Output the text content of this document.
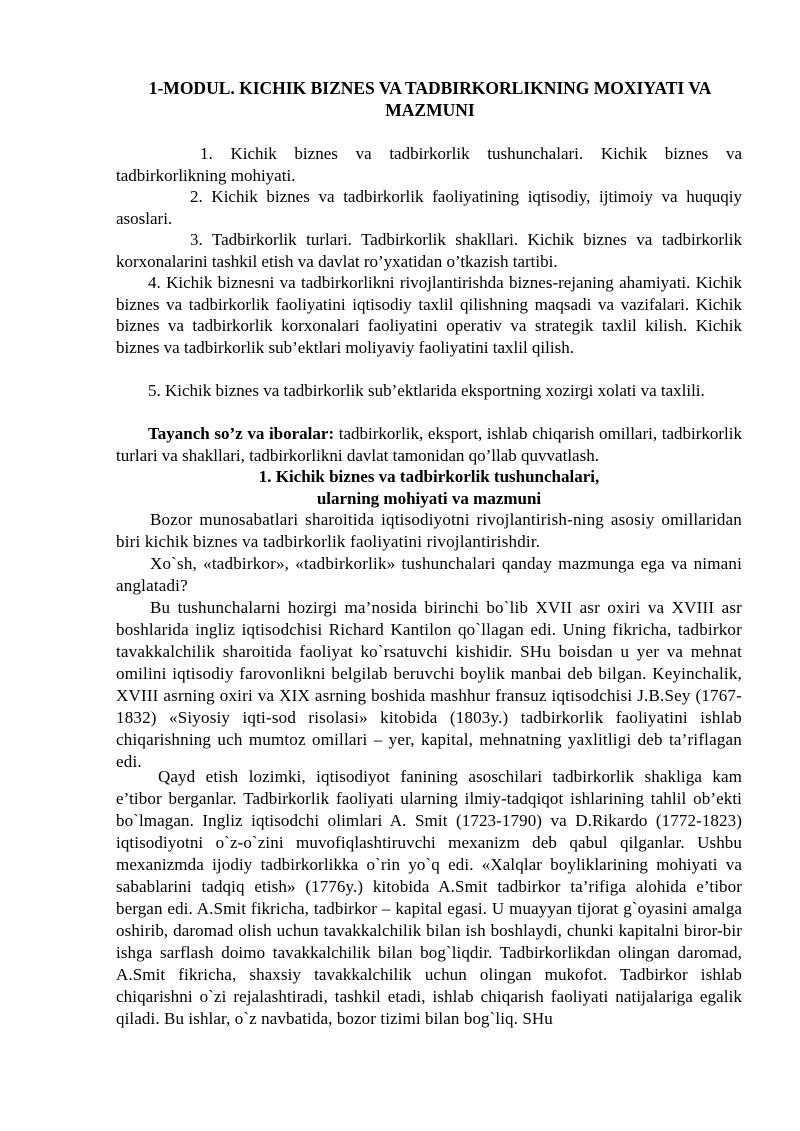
1-MODUL. KICHIK BIZNES VA TADBIRKORLIKNING MOXIYATI VA MAZMUNI

1. Kichik biznes va tadbirkorlik tushunchalari. Kichik biznes va tadbirkorlikning mohiyati.

2. Kichik biznes va tadbirkorlik faoliyatining iqtisodiy, ijtimoiy va huquqiy asoslari.

3. Tadbirkorlik turlari. Tadbirkorlik shakllari. Kichik biznes va tadbirkorlik korxonalarini tashkil etish va davlat ro’yxatidan o’tkazish tartibi.

4. Kichik biznesni va tadbirkorlikni rivojlantirishda biznes-rejaning ahamiyati. Kichik biznes va tadbirkorlik faoliyatini iqtisodiy taxlil qilishning maqsadi va vazifalari. Kichik biznes va tadbirkorlik korxonalari faoliyatini operativ va strategik taxlil kilish. Kichik biznes va tadbirkorlik sub’ektlari moliyaviy faoliyatini taxlil qilish.

5. Kichik biznes va tadbirkorlik sub’ektlarida eksportning xozirgi xolati va taxlili.

Tayanch so’z va iboralar: tadbirkorlik, eksport, ishlab chiqarish omillari, tadbirkorlik turlari va shakllari, tadbirkorlikni davlat tamonidan qo’llab quvvatlash.

1. Kichik biznes va tadbirkorlik tushunchalari,
ularning mohiyati va mazmuni

Bozor munosabatlari sharoitida iqtisodiyotni rivojlantirish-ning asosiy omillaridan biri kichik biznes va tadbirkorlik faoliyatini rivojlantirishdir.

Xo`sh, «tadbirkor», «tadbirkorlik» tushunchalari qanday mazmunga ega va nimani anglatadi?

Bu tushunchalarni hozirgi ma’nosida birinchi bo`lib XVII asr oxiri va XVIII asr boshlarida ingliz iqtisodchisi Richard Kantilon qo`llagan edi. Uning fikricha, tadbirkor tavakkalchilik sharoitida faoliyat ko`rsatuvchi kishidir. SHu boisdan u yer va mehnat omilini iqtisodiy farovonlikni belgilab beruvchi boylik manbai deb bilgan. Keyinchalik, XVIII asrning oxiri va XIX asrning boshida mashhur fransuz iqtisodchisi J.B.Sey (1767-1832) «Siyosiy iqti-sod risolasi» kitobida (1803y.) tadbirkorlik faoliyatini ishlab chiqarishning uch mumtoz omillari – yer, kapital, mehnatning yaxlitligi deb ta’riflagan edi.

Qayd etish lozimki, iqtisodiyot fanining asoschilari tadbirkorlik shakliga kam e’tibor berganlar. Tadbirkorlik faoliyati ularning ilmiy-tadqiqot ishlarining tahlil ob’ekti bo`lmagan. Ingliz iqtisodchi olimlari A. Smit (1723-1790) va D.Rikardo (1772-1823) iqtisodiyotni o`z-o`zini muvofiqlashtiruvchi mexanizm deb qabul qilganlar. Ushbu mexanizmda ijodiy tadbirkorlikka o`rin yo`q edi. «Xalqlar boyliklarining mohiyati va sabablarini tadqiq etish» (1776y.) kitobida A.Smit tadbirkor ta’rifiga alohida e’tibor bergan edi. A.Smit fikricha, tadbirkor – kapital egasi. U muayyan tijorat g`oyasini amalga oshirib, daromad olish uchun tavakkalchilik bilan ish boshlaydi, chunki kapitalni biror-bir ishga sarflash doimo tavakkalchilik bilan bog`liqdir. Tadbirkorlikdan olingan daromad, A.Smit fikricha, shaxsiy tavakkalchilik uchun olingan mukofot. Tadbirkor ishlab chiqarishni o`zi rejalashtiradi, tashkil etadi, ishlab chiqarish faoliyati natijalariga egalik qiladi. Bu ishlar, o`z navbatida, bozor tizimi bilan bog`liq. SHu
